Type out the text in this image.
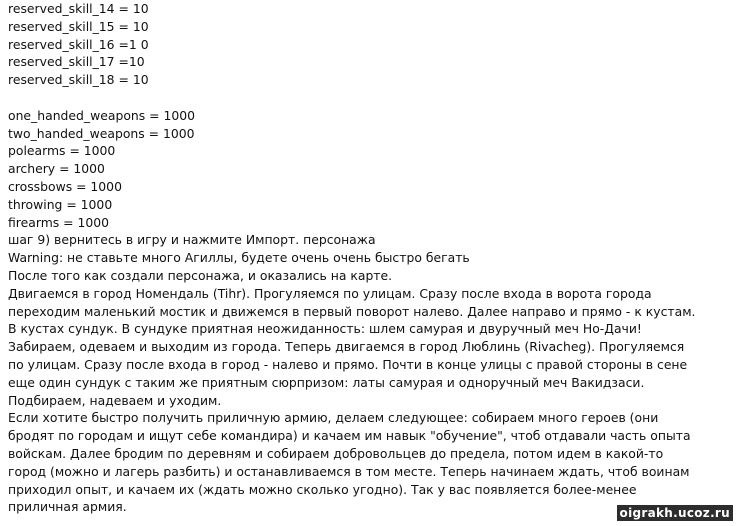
reserved_skill_14 = 10
reserved_skill_15 = 10
reserved_skill_16 =1 0
reserved_skill_17 =10
reserved_skill_18 = 10
one_handed_weapons = 1000
two_handed_weapons = 1000
polearms = 1000
archery = 1000
crossbows = 1000
throwing = 1000
firearms = 1000
шаг 9) вернитесь в игру и нажмите Импорт. персонажа
Warning: не ставьте много Агиллы, будете очень очень быстро бегать
После того как создали персонажа, и оказались на карте.
Двигаемся в город Номендаль (Tihr). Прогуляемся по улицам. Сразу после входа в ворота города
переходим маленький мостик и движемся в первый поворот налево. Далее направо и прямо - к кустам.
В кустах сундук. В сундуке приятная неожиданность: шлем самурая и двуручный меч Но-Дачи!
Забираем, одеваем и выходим из города. Теперь двигаемся в город Люблинь (Rivacheg). Прогуляемся
по улицам. Сразу после входа в город - налево и прямо. Почти в конце улицы с правой стороны в сене
еще один сундук с таким же приятным сюрпризом: латы самурая и одноручный меч Вакидзаси.
Подбираем, надеваем и уходим.
Если хотите быстро получить приличную армию, делаем следующее: собираем много героев (они
бродят по городам и ищут себе командира) и качаем им навык "обучение", чтоб отдавали часть опыта
войскам. Далее бродим по деревням и собираем добровольцев до предела, потом идем в какой-то
город (можно и лагерь разбить) и останавливаемся в том месте. Теперь начинаем ждать, чтоб воинам
приходил опыт, и качаем их (ждать можно сколько угодно). Так у вас появляется более-менее
приличная армия.	oigrakh.ucoz.ru
